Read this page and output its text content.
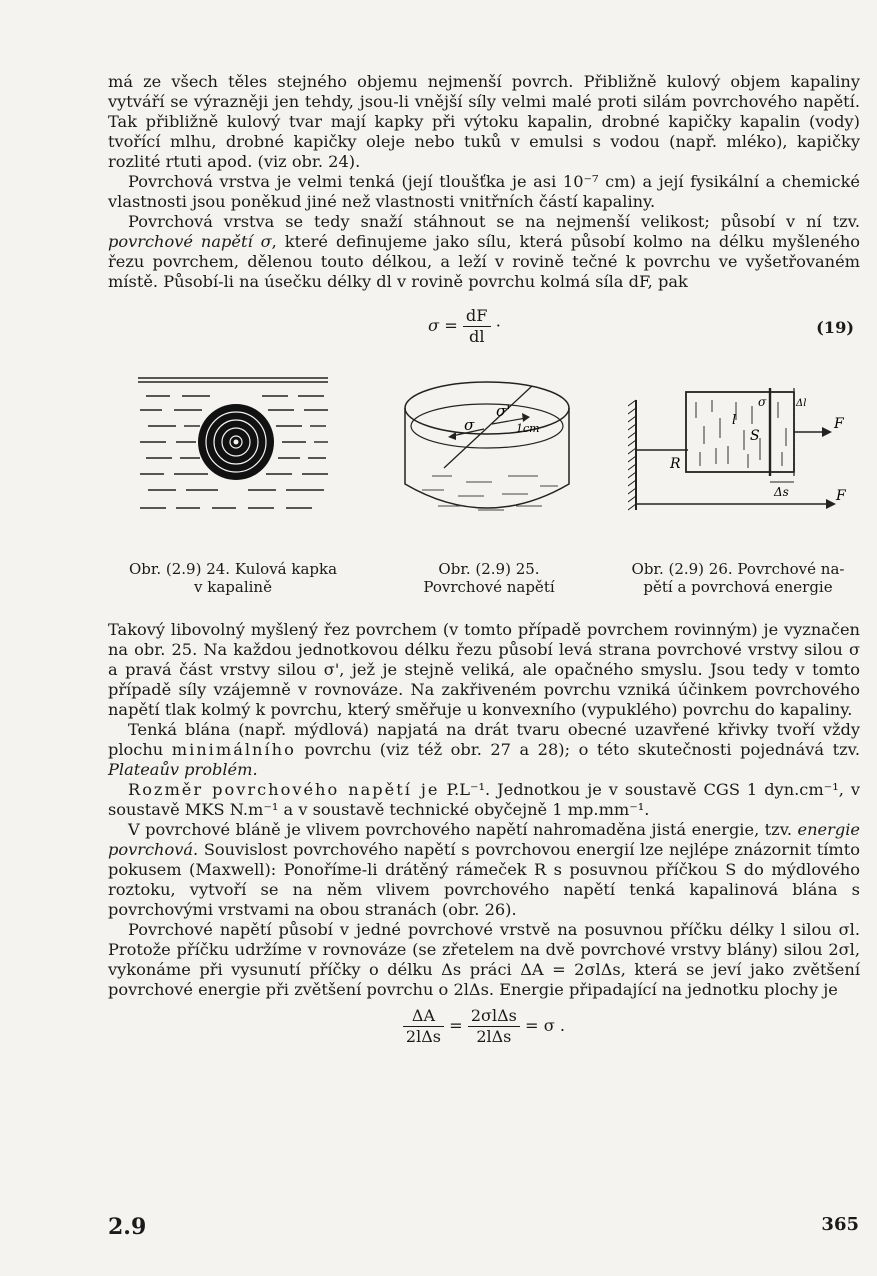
má ze všech těles stejného objemu nejmenší povrch. Přibližně kulový objem kapaliny vytváří se výrazněji jen tehdy, jsou-li vnější síly velmi malé proti silám povrchového napětí. Tak přibližně kulový tvar mají kapky při výtoku kapalin, drobné kapičky kapalin (vody) tvořící mlhu, drobné kapičky oleje nebo tuků v emulsi s vodou (např. mléko), kapičky rozlité rtuti apod. (viz obr. 24).

Povrchová vrstva je velmi tenká (její tloušťka je asi 10⁻⁷ cm) a její fysikální a chemické vlastnosti jsou poněkud jiné než vlastnosti vnitřních částí kapaliny.

Povrchová vrstva se tedy snaží stáhnout se na nejmenší velikost; působí v ní tzv. povrchové napětí σ, které definujeme jako sílu, která působí kolmo na délku myšleného řezu povrchem, dělenou touto délkou, a leží v rovině tečné k povrchu ve vyšetřovaném místě. Působí-li na úsečku délky dl v rovině povrchu kolmá síla dF, pak

$\sigma = \frac{dF}{dl}$ ·	(19)
σ
σ'
1cm
R
S
l
σ	Δl
F
Δs	F
Obr. (2.9) 24. Kulová kapka
v kapalině
Obr. (2.9) 25.
Povrchové napětí
Obr. (2.9) 26. Povrchové na-
pětí a povrchová energie

Takový libovolný myšlený řez povrchem (v tomto případě povrchem rovinným) je vyznačen na obr. 25. Na každou jednotkovou délku řezu působí levá strana povrchové vrstvy silou σ a pravá část vrstvy silou σ', jež je stejně veliká, ale opačného smyslu. Jsou tedy v tomto případě síly vzájemně v rovnováze. Na zakřiveném povrchu vzniká účinkem povrchového napětí tlak kolmý k povrchu, který směřuje u konvexního (vypuklého) povrchu do kapaliny.

Tenká blána (např. mýdlová) napjatá na drát tvaru obecné uzavřené křivky tvoří vždy plochu minimálního povrchu (viz též obr. 27 a 28); o této skutečnosti pojednává tzv. Plateaův problém.

Rozměr povrchového napětí je P.L⁻¹. Jednotkou je v soustavě CGS 1 dyn.cm⁻¹, v soustavě MKS N.m⁻¹ a v soustavě technické obyčejně 1 mp.mm⁻¹.

V povrchové bláně je vlivem povrchového napětí nahromaděna jistá energie, tzv. energie povrchová. Souvislost povrchového napětí s povrchovou energií lze nejlépe znázornit tímto pokusem (Maxwell): Ponoříme-li drátěný rámeček R s posuvnou příčkou S do mýdlového roztoku, vytvoří se na něm vlivem povrchového napětí tenká kapalinová blána s povrchovými vrstvami na obou stranách (obr. 26).

Povrchové napětí působí v jedné povrchové vrstvě na posuvnou příčku délky l silou σl. Protože příčku udržíme v rovnováze (se zřetelem na dvě povrchové vrstvy blány) silou 2σl, vykonáme při vysunutí příčky o délku Δs práci ΔA = 2σlΔs, která se jeví jako zvětšení povrchové energie při zvětšení povrchu o 2lΔs. Energie připadající na jednotku plochy je

$\frac{\Delta A}{\text{2lΔs}} = \frac{\text{2σlΔs}}{\text{2lΔs}} = \sigma$ .
2.9	365
